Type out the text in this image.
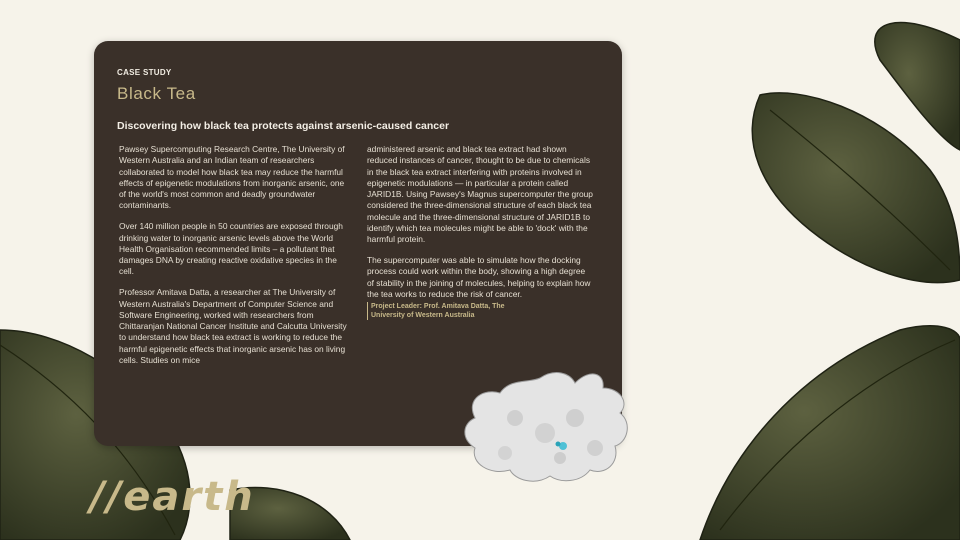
CASE STUDY
Black Tea
Discovering how black tea protects against arsenic-caused cancer

Pawsey Supercomputing Research Centre, The University of Western Australia and an Indian team of researchers collaborated to model how black tea may reduce the harmful effects of epigenetic modulations from inorganic arsenic, one of the world's most common and deadly groundwater contaminants.

Over 140 million people in 50 countries are exposed through drinking water to inorganic arsenic levels above the World Health Organisation recommended limits – a pollutant that damages DNA by creating reactive oxidative species in the cell.

Professor Amitava Datta, a researcher at The University of Western Australia's Department of Computer Science and Software Engineering, worked with researchers from Chittaranjan National Cancer Institute and Calcutta University to understand how black tea extract is working to reduce the harmful epigenetic effects that inorganic arsenic has on living cells. Studies on mice

administered arsenic and black tea extract had shown reduced instances of cancer, thought to be due to chemicals in the black tea extract interfering with proteins involved in epigenetic modulations — in particular a protein called JARID1B. Using Pawsey's Magnus supercomputer the group considered the three-dimensional structure of each black tea molecule and the three-dimensional structure of JARID1B to identify which tea molecules might be able to 'dock' with the harmful protein.

The supercomputer was able to simulate how the docking process could work within the body, showing a high degree of stability in the joining of molecules, helping to explain how the tea works to reduce the risk of cancer.

Project Leader: Prof. Amitava Datta, The University of Western Australia
//earth
